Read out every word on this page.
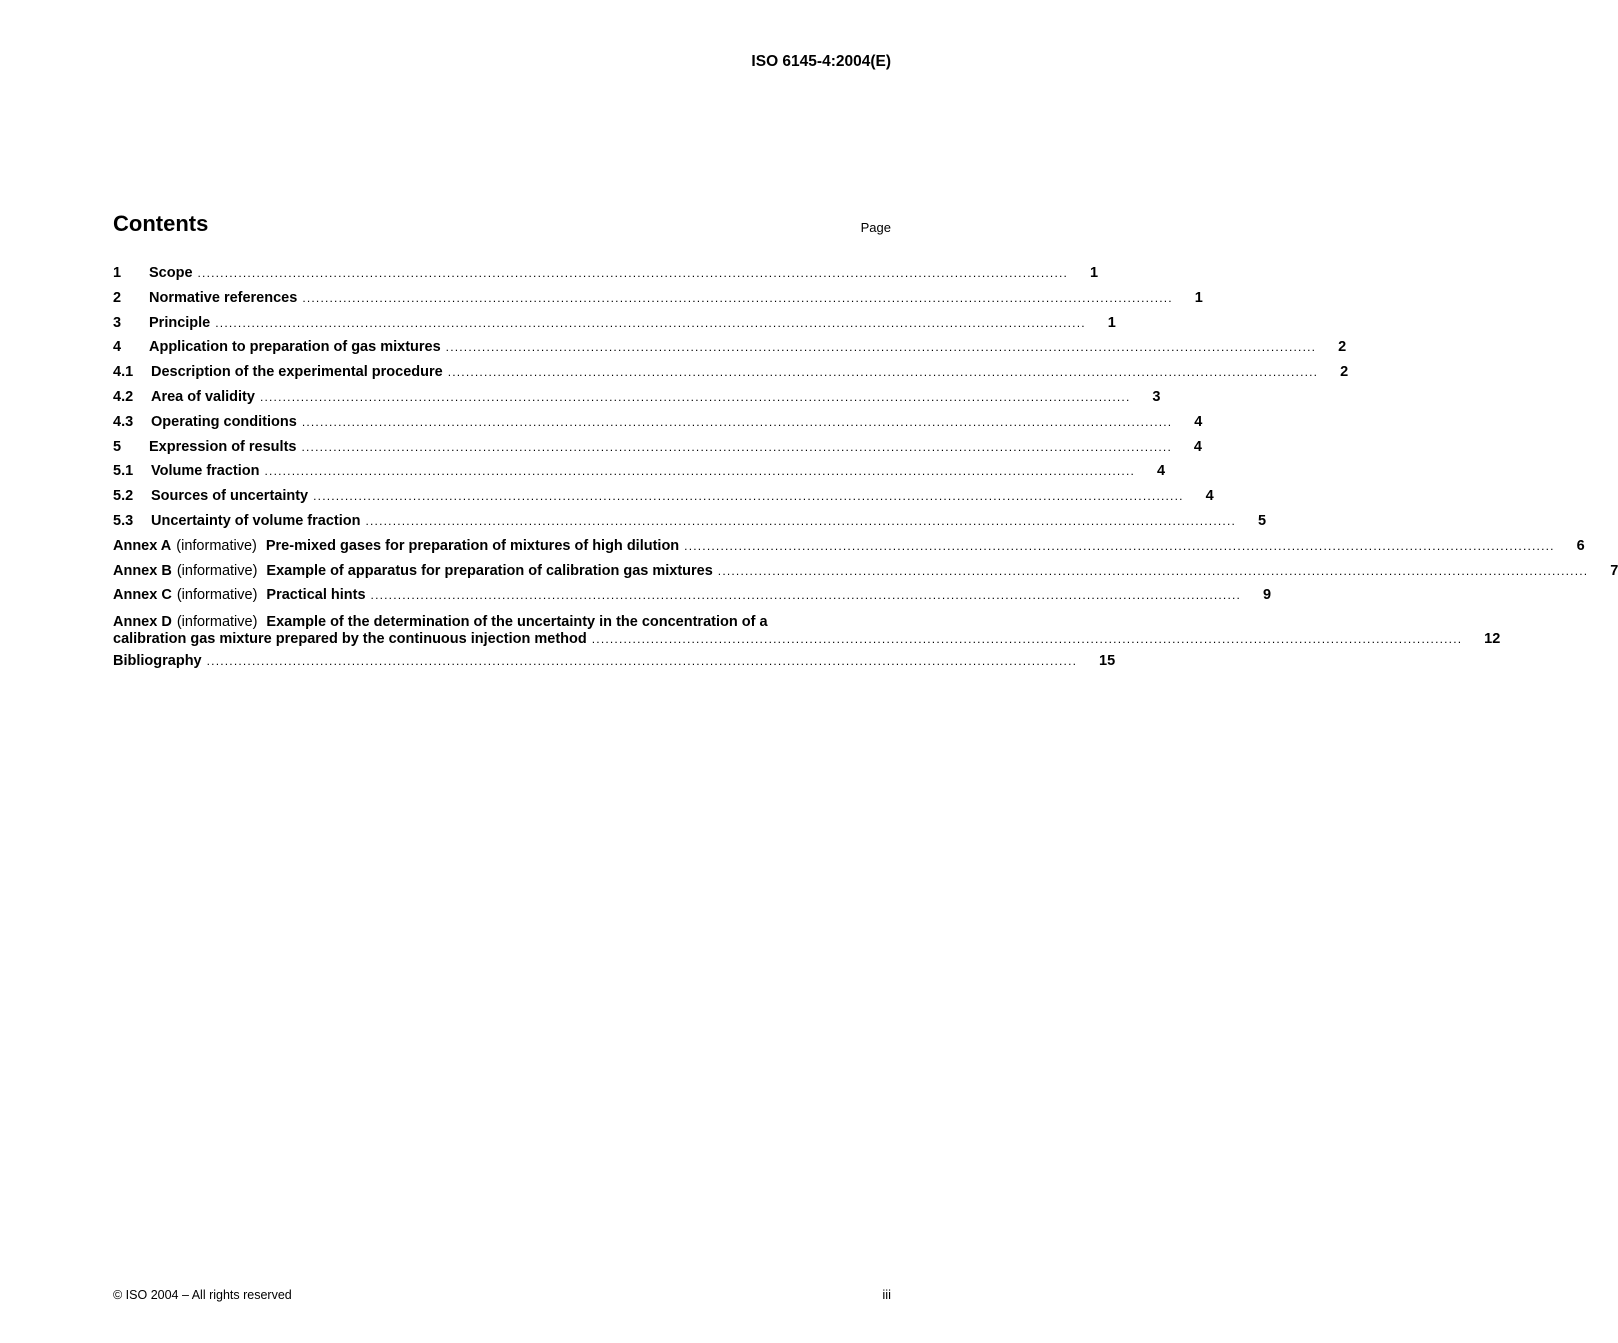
ISO 6145-4:2004(E)
Contents	Page
1	Scope ................................................................................................................................................................................................	1
2	Normative references ................................................................................................................................................................................................	1
3	Principle ................................................................................................................................................................................................	1
4	Application to preparation of gas mixtures ................................................................................................................................................................................................	2
4.1	Description of the experimental procedure ................................................................................................................................................................................................	2
4.2	Area of validity ................................................................................................................................................................................................	3
4.3	Operating conditions ................................................................................................................................................................................................	4
5	Expression of results ................................................................................................................................................................................................	4
5.1	Volume fraction ................................................................................................................................................................................................	4
5.2	Sources of uncertainty ................................................................................................................................................................................................	4
5.3	Uncertainty of volume fraction ................................................................................................................................................................................................	5
Annex A (informative) Pre-mixed gases for preparation of mixtures of high dilution ................................................................................................................................................................................................	6
Annex B (informative) Example of apparatus for preparation of calibration gas mixtures ................................................................................................................................................................................................	7
Annex C (informative) Practical hints ................................................................................................................................................................................................	9
Annex D (informative) Example of the determination of the uncertainty in the concentration of a
calibration gas mixture prepared by the continuous injection method ................................................................................................................................................................................................	12
Bibliography ................................................................................................................................................................................................	15
© ISO 2004 – All rights reserved	iii
